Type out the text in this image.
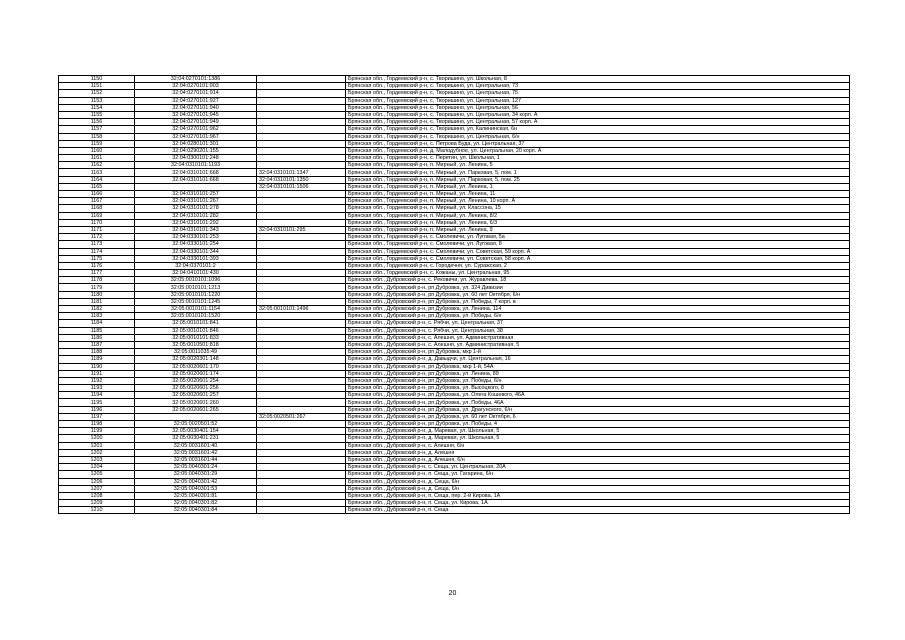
1150	32:04:0270101:1386		Брянская обл., Гордеевский р-н, с. Творишино, ул. Школьная, 8
1151	32:04:0270101:903		Брянская обл., Гордеевский р-н, с. Творишино, ул. Центральная, 73
1152	32:04:0270101:914		Брянская обл., Гордеевский р-н, с. Творишино, ул. Центральная, 75
1153	32:04:0270101:927		Брянская обл., Гордеевский р-н, с. Творишино, ул. Центральная, 127
1154	32:04:0270101:940		Брянская обл., Гордеевский р-н, с. Творишино, ул. Центральная, 56
1155	32:04:0270101:945		Брянская обл., Гордеевский р-н, с. Творишино, ул. Центральная, 34 корп. А
1156	32:04:0270101:949		Брянская обл., Гордеевский р-н, с. Творишино, ул. Центральная, 57 корп. А
1157	32:04:0270101:962		Брянская обл., Гордеевский р-н, с. Творишино, ул. Калининская, 6н
1158	32:04:0270101:967		Брянская обл., Гордеевский р-н, с. Творишино, ул. Центральная, 6/н
1159	32:04:0280101:301		Брянская обл., Гордеевский р-н, с. Петрова Буда, ул. Центральная, 37
1160	32:04:0290201:155		Брянская обл., Гордеевский р-н, д. Малодубное, ул. Центральная, 20 корп. А
1161	32:04:0300101:248		Брянская обл., Гордеевский р-н, с. Перетин, ул. Школьная, 1
1162	32:04:0310101:1193		Брянская обл., Гордеевский р-н, п. Мирный, ул. Ленина, 5
1163	32:04:0310101:668	32:04:0310101:1347	Брянская обл., Гордеевский р-н, п. Мирный, ул. Парковая, 5, пом. 1
1164	32:04:0310101:668	32:04:0310101:1350	Брянская обл., Гордеевский р-н, п. Мирный, ул. Парковая, 5, пом. 25
1165		32:04:0310101:1506	Брянская обл., Гордеевский р-н, п. Мирный, ул. Ленина, 1
1166	32:04:0310101:257		Брянская обл., Гордеевский р-н, п. Мирный, ул. Ленина, 11
1167	32:04:0310101:267		Брянская обл., Гордеевский р-н, п. Мирный, ул. Ленина, 10 корп. А
1168	32:04:0310101:278		Брянская обл., Гордеевский р-н, п. Мирный, ул. Классона, 15
1169	32:04:0310101:282		Брянская обл., Гордеевский р-н, п. Мирный, ул. Ленина, 8/2
1170	32:04:0310101:292		Брянская обл., Гордеевский р-н, п. Мирный, ул. Ленина, 6/3
1171	32:04:0310101:343	32:04:0310101:295	Брянская обл., Гордеевский р-н, п. Мирный, ул. Ленина, 9
1172	32:04:0330101:253		Брянская обл., Гордеевский р-н, с. Смолевичи, ул. Луговая, 5а
1173	32:04:0330101:254		Брянская обл., Гордеевский р-н, с. Смолевичи, ул. Луговая, 8
1174	32:04:0330101:344		Брянская обл., Гордеевский р-н, с. Смолевичи, ул. Советская, 59 корп. А
1175	32:04:0330101:393		Брянская обл., Гордеевский р-н, с. Смолевичи, ул. Советская, 58 корп. А
1176	32:04:0370101:2		Брянская обл., Гордеевский р-н, с. Городечня, ул. Суражская, 2
1177	32:04:0410101:430		Брянская обл., Гордеевский р-н, с. Кожаны, ул. Центральная, 95
1178	32:05:0010101:1096		Брянская обл., Дубровский р-н, с. Рековичи, ул. Журавлева, 18
1179	32:05:0010101:1213		Брянская обл., Дубровский р-н, рп Дубровка, ул. 324 Дивизии
1180	32:05:0010101:1220		Брянская обл., Дубровский р-н, рп Дубровка, ул. 60 лет Октября, 6/н
1181	32:05:0010101:1245		Брянская обл., Дубровский р-н, рп Дубровка, ул. Победы, 7 корп. в
1182	32:05:0010101:1154	32:05:0010101:1496	Брянская обл., Дубровский р-н, рп Дубровка, ул. Ленина, 114
1183	32:05:0010101:1520		Брянская обл., Дубровский р-н, рп Дубровка, ул. Победы, 6/н
1184	32:05:0010101:841		Брянская обл., Дубровский р-н, с. Рябчи, ул. Центральная, 37
1185	32:05:0010101:846		Брянская обл., Дубровский р-н, с. Рябчи, ул. Центральная, 38
1186	32:05:0010101:833		Брянская обл., Дубровский р-н, с. Алешня, ул. Административная
1187	32:05:0010501:818		Брянская обл., Дубровский р-н, с. Алешня, ул. Административная, 5
1188	32:05:0011035:49		Брянская обл., Дубровский р-н, рп Дубровка, мкр 1-й
1189	32:05:0020301:148		Брянская обл., Дубровский р-н, д. Давыдчи, ул. Центральная, 16
1190	32:05:0020601:170		Брянская обл., Дубровский р-н, рп Дубровка, мкр 1-й, 54А
1191	32:05:0020601:174		Брянская обл., Дубровский р-н, рп Дубровка, ул. Ленина, 89
1192	32:05:0020601:254		Брянская обл., Дубровский р-н, рп Дубровка, ул. Победы, 6/н
1193	32:05:0020601:256		Брянская обл., Дубровский р-н, рп Дубровка, ул. Высоцкого, 8
1194	32:05:0020601:257		Брянская обл., Дубровский р-н, рп Дубровка, ул. Олега Кошевого, 46А
1195	32:05:0020601:260		Брянская обл., Дубровский р-н, рп Дубровка, ул. Победы, 46А
1196	32:05:0020601:265		Брянская обл., Дубровский р-н, рп Дубровка, ул. Драгунского, 6/н
1197		32:05:0020501:267	Брянская обл., Дубровский р-н, рп Дубровка, ул. 60 лет Октября, 6
1198	32:05:0020501:52		Брянская обл., Дубровский р-н, рп Дубровка, ул. Победы, 4
1199	32:05:0030401:154		Брянская обл., Дубровский р-н, д. Маревая, ул. Школьная, 5
1200	32:05:0030401:231		Брянская обл., Дубровский р-н, д. Маревая, ул. Школьная, 5
1201	32:05:0031601:40		Брянская обл., Дубровский р-н, с. Алешня, 6/н
1202	32:05:0031601:42		Брянская обл., Дубровский р-н, д. Алешня
1203	32:05:0031601:44		Брянская обл., Дубровский р-н, д. Алешня, 6/н
1204	32:05:0040301:24		Брянская обл., Дубровский р-н, с. Сеща, ул. Центральная, 20А
1205	32:05:0040301:29		Брянская обл., Дубровский р-н, п. Сеща, ул. Гагарина, 6/н
1206	32:05:0040301:42		Брянская обл., Дубровский р-н, д. Сеща, 6/н
1207	32:05:0040301:53		Брянская обл., Дубровский р-н, д. Сеща, 6/н
1208	32:05:0040301:81		Брянская обл., Дубровский р-н, п. Сеща, пер. 2-й Кирова, 1А
1209	32:05:0040301:82		Брянская обл., Дубровский р-н, п. Сеща, ул. Кирова, 1А
1210	32:05:0040301:84		Брянская обл., Дубровский р-н, п. Сеща
20
